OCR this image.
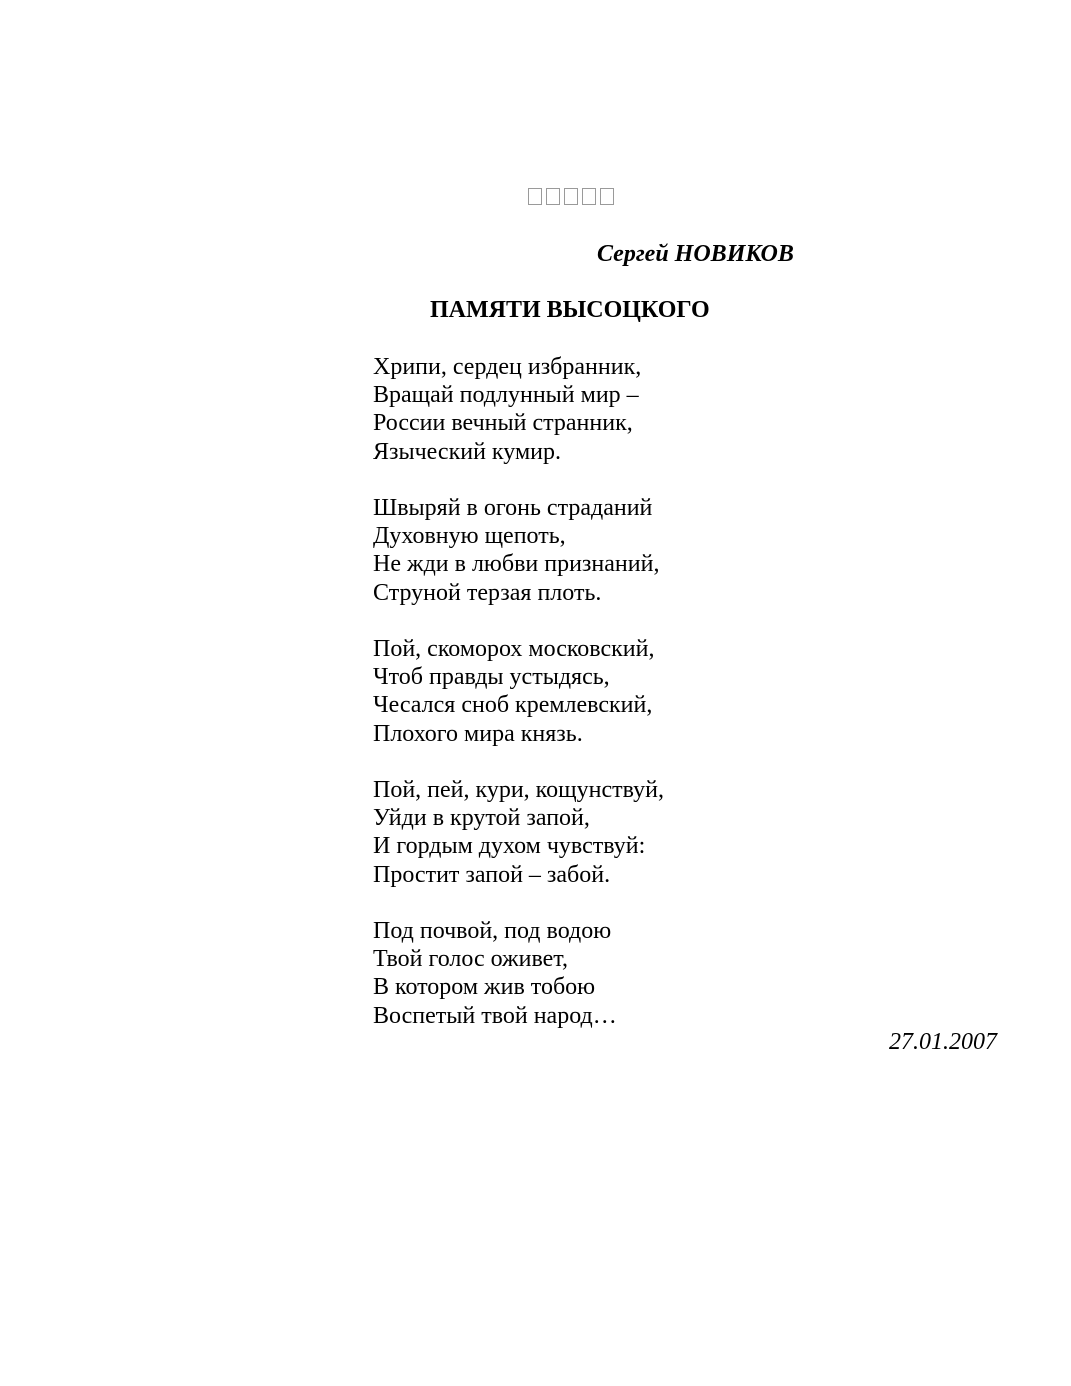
Сергей НОВИКОВ
ПАМЯТИ ВЫСОЦКОГО
Хрипи, сердец избранник,
Вращай подлунный мир –
России вечный странник,
Языческий кумир.
Швыряй в огонь страданий
Духовную щепоть,
Не жди в любви признаний,
Струной терзая плоть.
Пой, скоморох московский,
Чтоб правды устыдясь,
Чесался сноб кремлевский,
Плохого мира князь.
Пой, пей, кури, кощунствуй,
Уйди в крутой запой,
И гордым духом чувствуй:
Простит запой – забой.
Под почвой, под водою
Твой голос оживет,
В котором жив тобою
Воспетый твой народ…
27.01.2007
